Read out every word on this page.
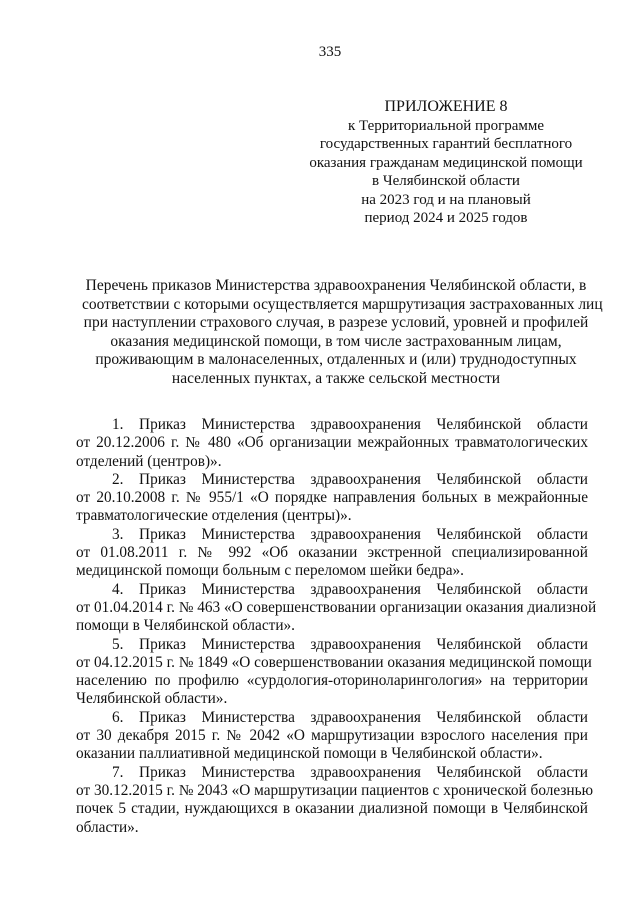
335
ПРИЛОЖЕНИЕ 8
к Территориальной программе
государственных гарантий бесплатного
оказания гражданам медицинской помощи
в Челябинской области
на 2023 год и на плановый
период 2024 и 2025 годов
Перечень приказов Министерства здравоохранения Челябинской области, в
соответствии с которыми осуществляется маршрутизация застрахованных лиц
при наступлении страхового случая, в разрезе условий, уровней и профилей
оказания медицинской помощи, в том числе застрахованным лицам,
проживающим в малонаселенных, отдаленных и (или) труднодоступных
населенных пунктах, а также сельской местности
1. Приказ Министерства здравоохранения Челябинской области
от 20.12.2006 г. № 480 «Об организации межрайонных травматологических
отделений (центров)».
2. Приказ Министерства здравоохранения Челябинской области
от 20.10.2008 г. № 955/1 «О порядке направления больных в межрайонные
травматологические отделения (центры)».
3. Приказ Министерства здравоохранения Челябинской области
от 01.08.2011 г. № 992 «Об оказании экстренной специализированной
медицинской помощи больным с переломом шейки бедра».
4. Приказ Министерства здравоохранения Челябинской области
от 01.04.2014 г. № 463 «О совершенствовании организации оказания диализной
помощи в Челябинской области».
5. Приказ Министерства здравоохранения Челябинской области
от 04.12.2015 г. № 1849 «О совершенствовании оказания медицинской помощи
населению по профилю «сурдология-оториноларингология» на территории
Челябинской области».
6. Приказ Министерства здравоохранения Челябинской области
от 30 декабря 2015 г. № 2042 «О маршрутизации взрослого населения при
оказании паллиативной медицинской помощи в Челябинской области».
7. Приказ Министерства здравоохранения Челябинской области
от 30.12.2015 г. № 2043 «О маршрутизации пациентов с хронической болезнью
почек 5 стадии, нуждающихся в оказании диализной помощи в Челябинской
области».
